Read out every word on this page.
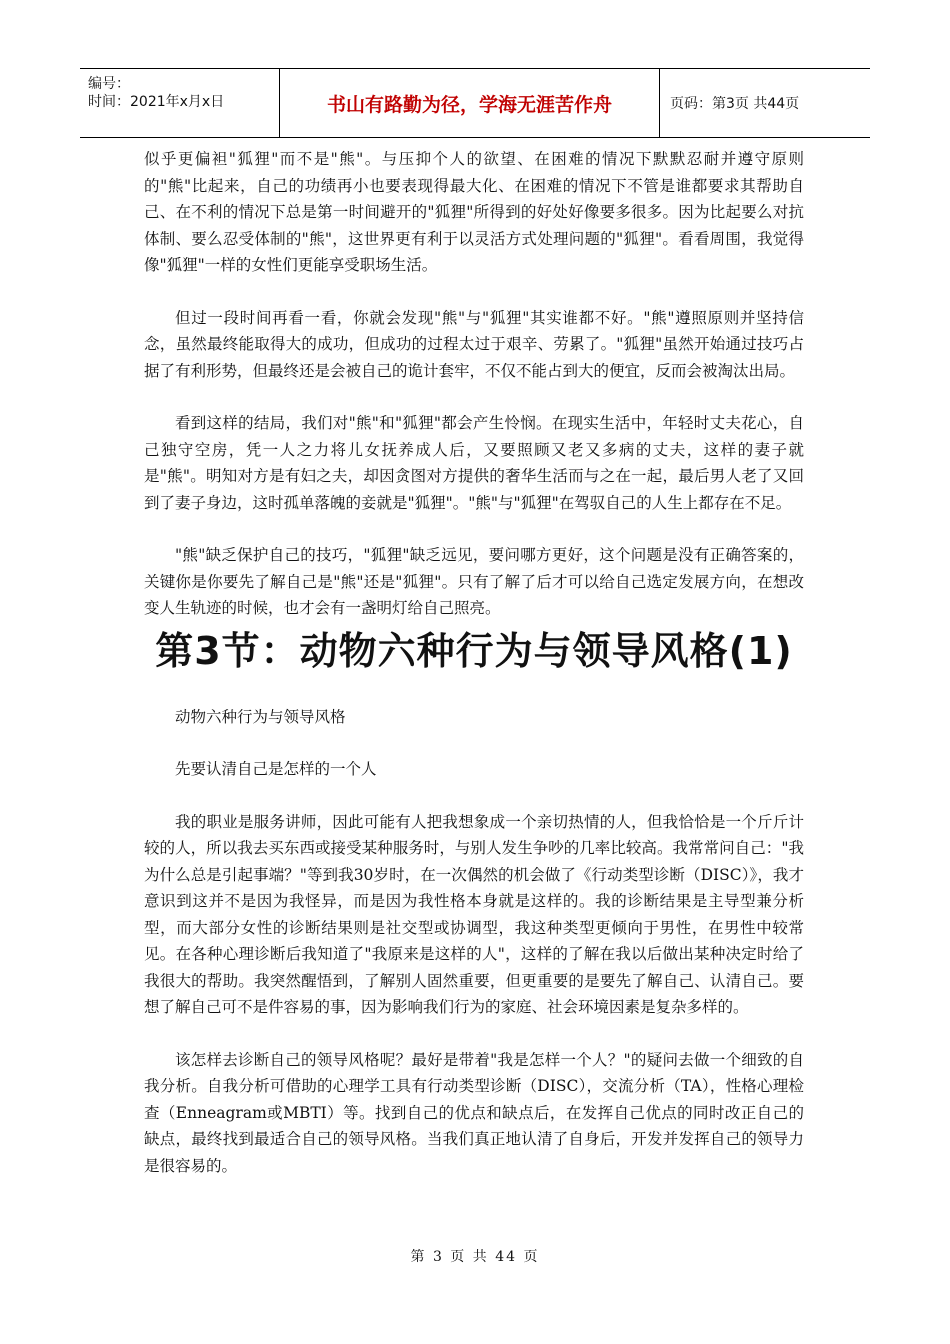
编号：
时间：2021年x月x日	书山有路勤为径，学海无涯苦作舟	页码：第3页 共44页

似乎更偏袒"狐狸"而不是"熊"。与压抑个人的欲望、在困难的情况下默默忍耐并遵守原则的"熊"比起来，自己的功绩再小也要表现得最大化、在困难的情况下不管是谁都要求其帮助自己、在不利的情况下总是第一时间避开的"狐狸"所得到的好处好像要多很多。因为比起要么对抗体制、要么忍受体制的"熊"，这世界更有利于以灵活方式处理问题的"狐狸"。看看周围，我觉得像"狐狸"一样的女性们更能享受职场生活。

但过一段时间再看一看，你就会发现"熊"与"狐狸"其实谁都不好。"熊"遵照原则并坚持信念，虽然最终能取得大的成功，但成功的过程太过于艰辛、劳累了。"狐狸"虽然开始通过技巧占据了有利形势，但最终还是会被自己的诡计套牢，不仅不能占到大的便宜，反而会被淘汰出局。

看到这样的结局，我们对"熊"和"狐狸"都会产生怜悯。在现实生活中，年轻时丈夫花心，自己独守空房，凭一人之力将儿女抚养成人后，又要照顾又老又多病的丈夫，这样的妻子就是"熊"。明知对方是有妇之夫，却因贪图对方提供的奢华生活而与之在一起，最后男人老了又回到了妻子身边，这时孤单落魄的妾就是"狐狸"。"熊"与"狐狸"在驾驭自己的人生上都存在不足。

"熊"缺乏保护自己的技巧，"狐狸"缺乏远见，要问哪方更好，这个问题是没有正确答案的，关键你是你要先了解自己是"熊"还是"狐狸"。只有了解了后才可以给自己选定发展方向，在想改变人生轨迹的时候，也才会有一盏明灯给自己照亮。

第3节：动物六种行为与领导风格(1)

动物六种行为与领导风格

先要认清自己是怎样的一个人

我的职业是服务讲师，因此可能有人把我想象成一个亲切热情的人，但我恰恰是一个斤斤计较的人，所以我去买东西或接受某种服务时，与别人发生争吵的几率比较高。我常常问自己："我为什么总是引起事端？"等到我30岁时，在一次偶然的机会做了《行动类型诊断（DISC）》，我才意识到这并不是因为我怪异，而是因为我性格本身就是这样的。我的诊断结果是主导型兼分析型，而大部分女性的诊断结果则是社交型或协调型，我这种类型更倾向于男性，在男性中较常见。在各种心理诊断后我知道了"我原来是这样的人"，这样的了解在我以后做出某种决定时给了我很大的帮助。我突然醒悟到，了解别人固然重要，但更重要的是要先了解自己、认清自己。要想了解自己可不是件容易的事，因为影响我们行为的家庭、社会环境因素是复杂多样的。

该怎样去诊断自己的领导风格呢？最好是带着"我是怎样一个人？"的疑问去做一个细致的自我分析。自我分析可借助的心理学工具有行动类型诊断（DISC），交流分析（TA），性格心理检查（Enneagram或MBTI）等。找到自己的优点和缺点后，在发挥自己优点的同时改正自己的缺点，最终找到最适合自己的领导风格。当我们真正地认清了自身后，开发并发挥自己的领导力是很容易的。

第 3 页 共 44 页
